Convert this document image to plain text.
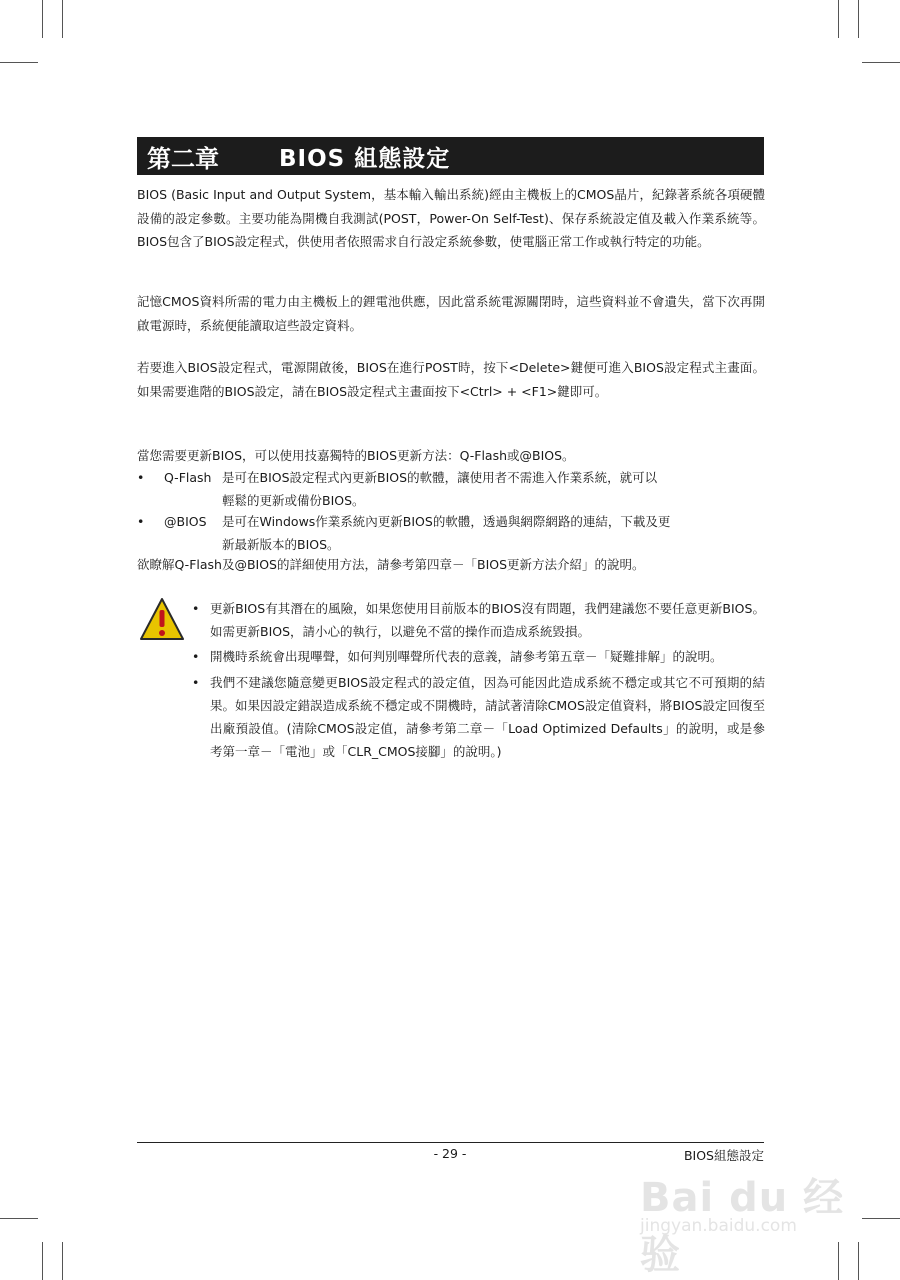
第二章	BIOS 組態設定

BIOS (Basic Input and Output System，基本輸入輸出系統)經由主機板上的CMOS晶片，紀錄著系統各項硬體設備的設定參數。主要功能為開機自我測試(POST，Power-On Self-Test)、保存系統設定值及載入作業系統等。BIOS包含了BIOS設定程式，供使用者依照需求自行設定系統參數，使電腦正常工作或執行特定的功能。

記憶CMOS資料所需的電力由主機板上的鋰電池供應，因此當系統電源關閉時，這些資料並不會遺失，當下次再開啟電源時，系統便能讀取這些設定資料。

若要進入BIOS設定程式，電源開啟後，BIOS在進行POST時，按下<Delete>鍵便可進入BIOS設定程式主畫面。如果需要進階的BIOS設定，請在BIOS設定程式主畫面按下<Ctrl> + <F1>鍵即可。

當您需要更新BIOS，可以使用技嘉獨特的BIOS更新方法：Q-Flash或@BIOS。

• Q-Flash 是可在BIOS設定程式內更新BIOS的軟體，讓使用者不需進入作業系統，就可以
輕鬆的更新或備份BIOS。
• @BIOS 是可在Windows作業系統內更新BIOS的軟體，透過與網際網路的連結，下載及更
新最新版本的BIOS。

欲瞭解Q-Flash及@BIOS的詳細使用方法，請參考第四章－「BIOS更新方法介紹」的說明。

• 更新BIOS有其潛在的風險，如果您使用目前版本的BIOS沒有問題，我們建議您不要任意更新BIOS。如需更新BIOS，請小心的執行，以避免不當的操作而造成系統毀損。

• 開機時系統會出現嗶聲，如何判別嗶聲所代表的意義，請參考第五章－「疑難排解」的說明。

• 我們不建議您隨意變更BIOS設定程式的設定值，因為可能因此造成系統不穩定或其它不可預期的結果。如果因設定錯誤造成系統不穩定或不開機時，請試著清除CMOS設定值資料，將BIOS設定回復至出廠預設值。(清除CMOS設定值，請參考第二章－「Load Optimized Defaults」的說明，或是參考第一章－「電池」或「CLR_CMOS接腳」的說明。)

- 29 -	BIOS組態設定
Bai du 经验
jingyan.baidu.com
